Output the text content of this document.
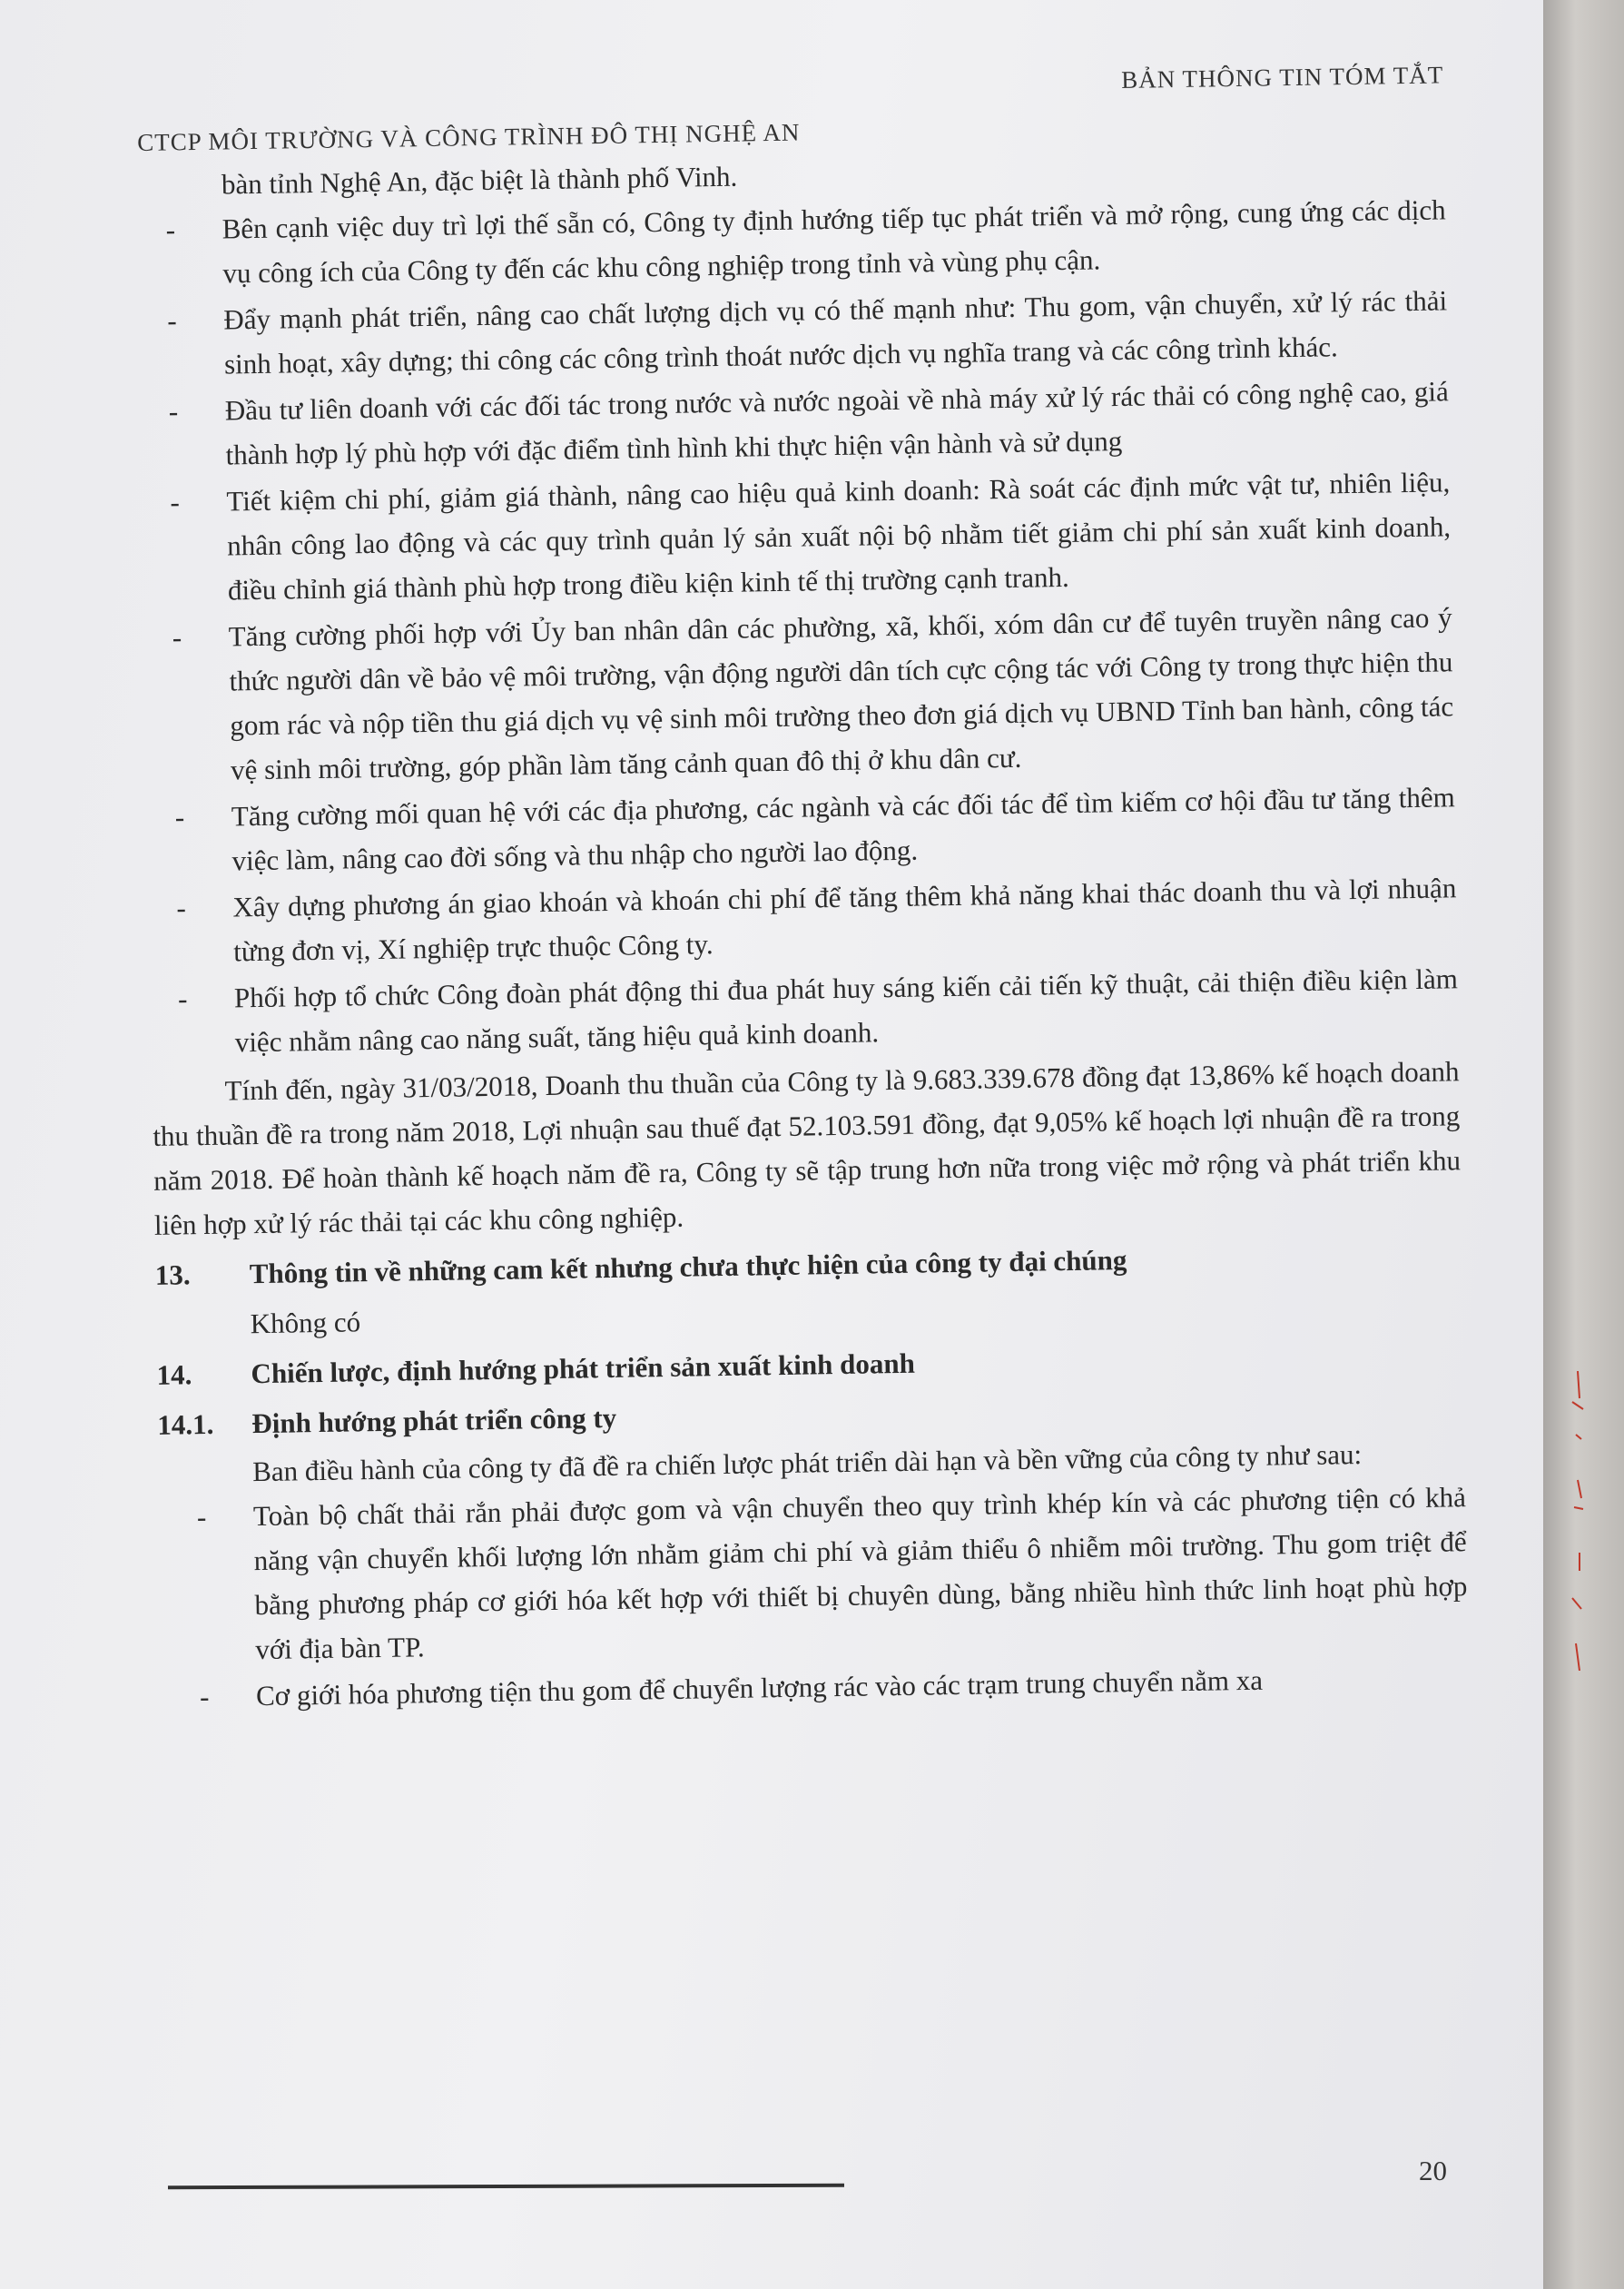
CTCP MÔI TRƯỜNG VÀ CÔNG TRÌNH ĐÔ THỊ NGHỆ AN
BẢN THÔNG TIN TÓM TẮT

bàn tỉnh Nghệ An, đặc biệt là thành phố Vinh.

- Bên cạnh việc duy trì lợi thế sẵn có, Công ty định hướng tiếp tục phát triển và mở rộng, cung ứng các dịch vụ công ích của Công ty đến các khu công nghiệp trong tỉnh và vùng phụ cận.

- Đẩy mạnh phát triển, nâng cao chất lượng dịch vụ có thế mạnh như: Thu gom, vận chuyển, xử lý rác thải sinh hoạt, xây dựng; thi công các công trình thoát nước dịch vụ nghĩa trang và các công trình khác.

- Đầu tư liên doanh với các đối tác trong nước và nước ngoài về nhà máy xử lý rác thải có công nghệ cao, giá thành hợp lý phù hợp với đặc điểm tình hình khi thực hiện vận hành và sử dụng

- Tiết kiệm chi phí, giảm giá thành, nâng cao hiệu quả kinh doanh: Rà soát các định mức vật tư, nhiên liệu, nhân công lao động và các quy trình quản lý sản xuất nội bộ nhằm tiết giảm chi phí sản xuất kinh doanh, điều chỉnh giá thành phù hợp trong điều kiện kinh tế thị trường cạnh tranh.

- Tăng cường phối hợp với Ủy ban nhân dân các phường, xã, khối, xóm dân cư để tuyên truyền nâng cao ý thức người dân về bảo vệ môi trường, vận động người dân tích cực cộng tác với Công ty trong thực hiện thu gom rác và nộp tiền thu giá dịch vụ vệ sinh môi trường theo đơn giá dịch vụ UBND Tỉnh ban hành, công tác vệ sinh môi trường, góp phần làm tăng cảnh quan đô thị ở khu dân cư.

- Tăng cường mối quan hệ với các địa phương, các ngành và các đối tác để tìm kiếm cơ hội đầu tư tăng thêm việc làm, nâng cao đời sống và thu nhập cho người lao động.

- Xây dựng phương án giao khoán và khoán chi phí để tăng thêm khả năng khai thác doanh thu và lợi nhuận từng đơn vị, Xí nghiệp trực thuộc Công ty.

- Phối hợp tổ chức Công đoàn phát động thi đua phát huy sáng kiến cải tiến kỹ thuật, cải thiện điều kiện làm việc nhằm nâng cao năng suất, tăng hiệu quả kinh doanh.

Tính đến, ngày 31/03/2018, Doanh thu thuần của Công ty là 9.683.339.678 đồng đạt 13,86% kế hoạch doanh thu thuần đề ra trong năm 2018, Lợi nhuận sau thuế đạt 52.103.591 đồng, đạt 9,05% kế hoạch lợi nhuận đề ra trong năm 2018. Để hoàn thành kế hoạch năm đề ra, Công ty sẽ tập trung hơn nữa trong việc mở rộng và phát triển khu liên hợp xử lý rác thải tại các khu công nghiệp.

13. Thông tin về những cam kết nhưng chưa thực hiện của công ty đại chúng
Không có
14. Chiến lược, định hướng phát triển sản xuất kinh doanh
14.1. Định hướng phát triển công ty

Ban điều hành của công ty đã đề ra chiến lược phát triển dài hạn và bền vững của công ty như sau:

- Toàn bộ chất thải rắn phải được gom và vận chuyển theo quy trình khép kín và các phương tiện có khả năng vận chuyển khối lượng lớn nhằm giảm chi phí và giảm thiểu ô nhiễm môi trường. Thu gom triệt để bằng phương pháp cơ giới hóa kết hợp với thiết bị chuyên dùng, bằng nhiều hình thức linh hoạt phù hợp với địa bàn TP.

- Cơ giới hóa phương tiện thu gom để chuyển lượng rác vào các trạm trung chuyển nằm xa

20
